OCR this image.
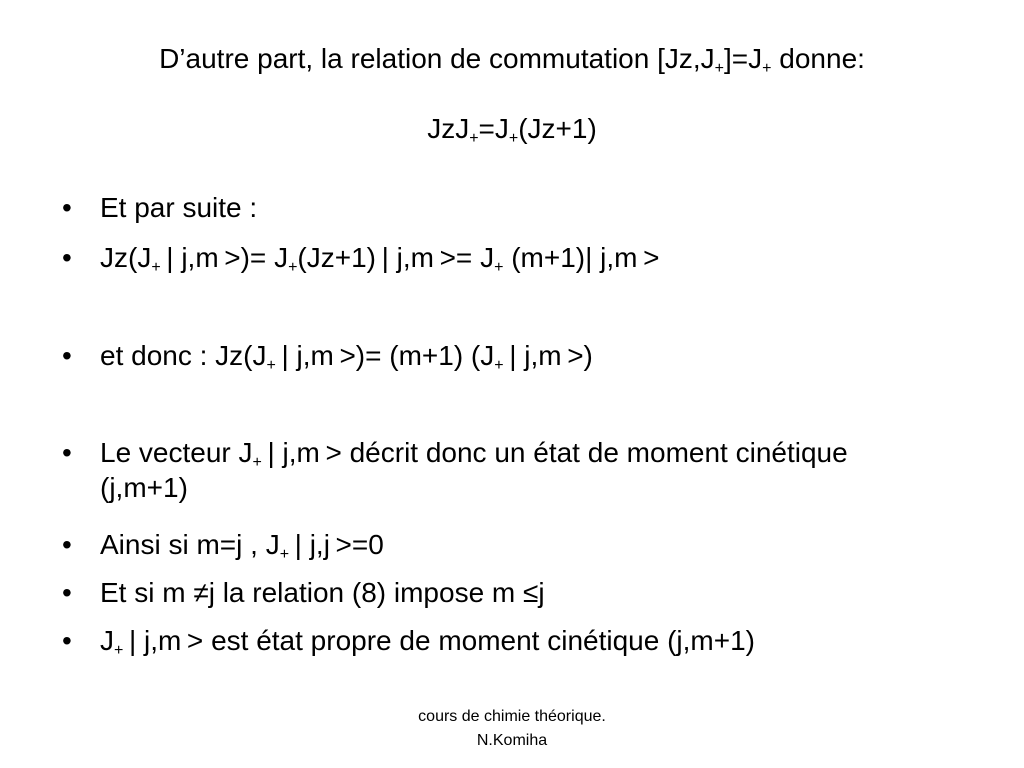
D’autre part, la relation de commutation $[Jz,J_+]=J_+$ donne:
$JzJ_+=J_+(Jz+1)$
•	Et par suite :
•	$Jz(J_+$ | j,m >)= $J_+(Jz+1)$ | $j,m >= J_+$ (m+1)| j,m >
•	et donc : $Jz(J_+$ | j,m >)= (m+1) ($J_+$ | j,m >)
•	Le vecteur $J_+$ | j,m > décrit donc un état de moment cinétique (j,m+1)
•	Ainsi si m=j , $J_+$ | j,j >=0
•	Et si m ≠j la relation (8) impose m ≤j
•	$J_+$ | j,m > est état propre de moment cinétique (j,m+1)
cours de chimie théorique.
N.Komiha
